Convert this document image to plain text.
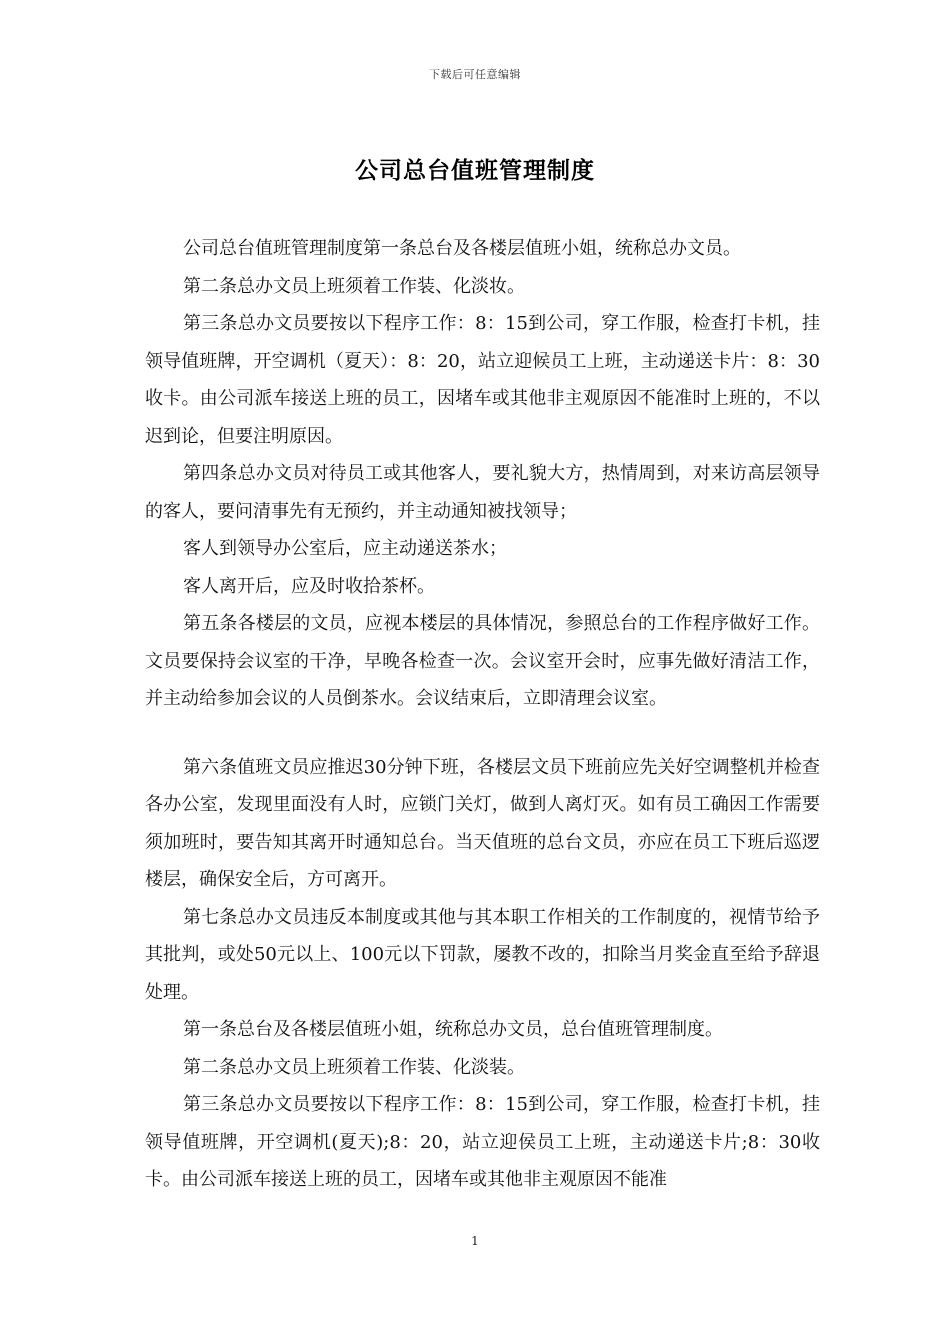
下载后可任意编辑
公司总台值班管理制度

公司总台值班管理制度第一条总台及各楼层值班小姐，统称总办文员。

第二条总办文员上班须着工作装、化淡妆。

第三条总办文员要按以下程序工作：8：15到公司，穿工作服，检查打卡机，挂领导值班牌，开空调机（夏天）：8：20，站立迎候员工上班，主动递送卡片：8：30收卡。由公司派车接送上班的员工，因堵车或其他非主观原因不能准时上班的，不以迟到论，但要注明原因。

第四条总办文员对待员工或其他客人，要礼貌大方，热情周到，对来访高层领导的客人，要问清事先有无预约，并主动通知被找领导；

客人到领导办公室后，应主动递送茶水；

客人离开后，应及时收拾茶杯。

第五条各楼层的文员，应视本楼层的具体情况，参照总台的工作程序做好工作。文员要保持会议室的干净，早晚各检查一次。会议室开会时，应事先做好清洁工作，并主动给参加会议的人员倒茶水。会议结束后，立即清理会议室。

第六条值班文员应推迟30分钟下班，各楼层文员下班前应先关好空调整机并检查各办公室，发现里面没有人时，应锁门关灯，做到人离灯灭。如有员工确因工作需要须加班时，要告知其离开时通知总台。当天值班的总台文员，亦应在员工下班后巡逻楼层，确保安全后，方可离开。

第七条总办文员违反本制度或其他与其本职工作相关的工作制度的，视情节给予其批判，或处50元以上、100元以下罚款，屡教不改的，扣除当月奖金直至给予辞退处理。

第一条总台及各楼层值班小姐，统称总办文员，总台值班管理制度。

第二条总办文员上班须着工作装、化淡装。

第三条总办文员要按以下程序工作：8：15到公司，穿工作服，检查打卡机，挂领导值班牌，开空调机(夏天);8：20，站立迎侯员工上班，主动递送卡片;8：30收卡。由公司派车接送上班的员工，因堵车或其他非主观原因不能准

1
